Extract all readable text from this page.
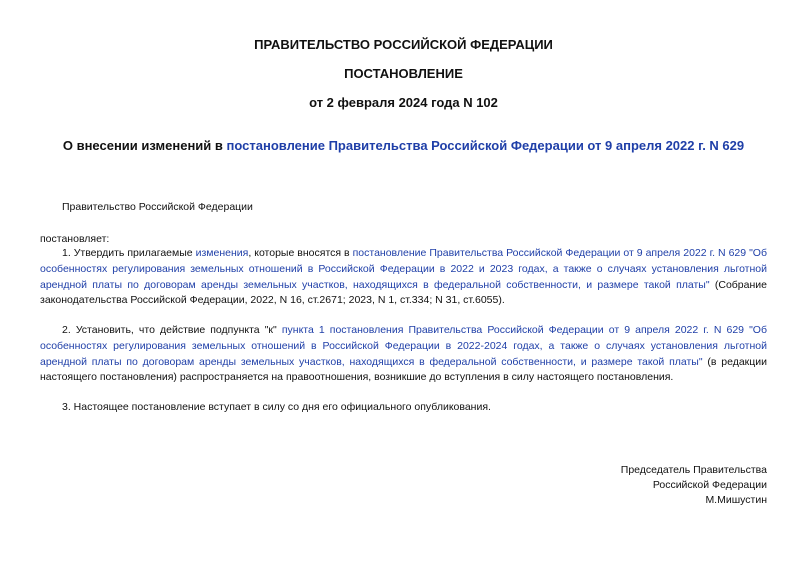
ПРАВИТЕЛЬСТВО РОССИЙСКОЙ ФЕДЕРАЦИИ
ПОСТАНОВЛЕНИЕ
от 2 февраля 2024 года N 102
О внесении изменений в постановление Правительства Российской Федерации от 9 апреля 2022 г. N 629
Правительство Российской Федерации
постановляет:
1. Утвердить прилагаемые изменения, которые вносятся в постановление Правительства Российской Федерации от 9 апреля 2022 г. N 629 "Об особенностях регулирования земельных отношений в Российской Федерации в 2022 и 2023 годах, а также о случаях установления льготной арендной платы по договорам аренды земельных участков, находящихся в федеральной собственности, и размере такой платы" (Собрание законодательства Российской Федерации, 2022, N 16, ст.2671; 2023, N 1, ст.334; N 31, ст.6055).
2. Установить, что действие подпункта "к" пункта 1 постановления Правительства Российской Федерации от 9 апреля 2022 г. N 629 "Об особенностях регулирования земельных отношений в Российской Федерации в 2022-2024 годах, а также о случаях установления льготной арендной платы по договорам аренды земельных участков, находящихся в федеральной собственности, и размере такой платы" (в редакции настоящего постановления) распространяется на правоотношения, возникшие до вступления в силу настоящего постановления.
3. Настоящее постановление вступает в силу со дня его официального опубликования.
Председатель Правительства
Российской Федерации
М.Мишустин
